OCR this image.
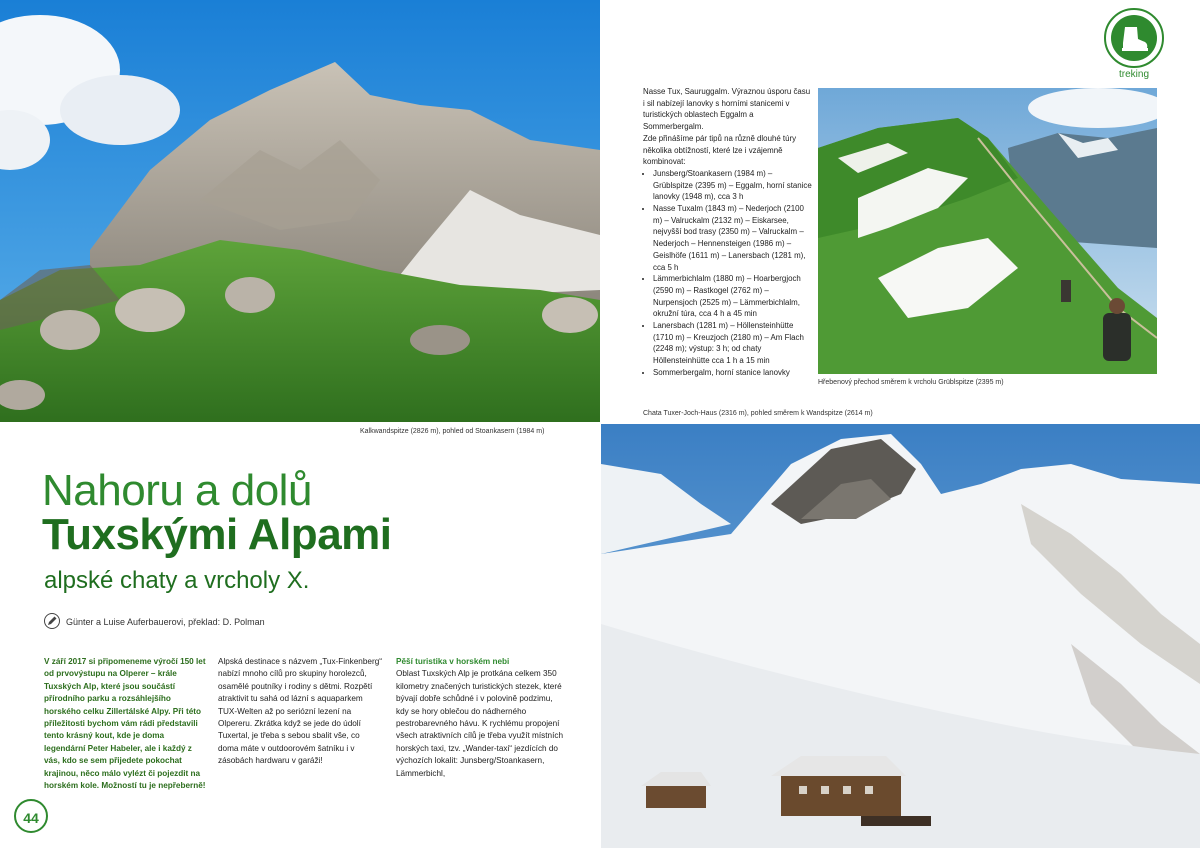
Kalkwandspitze (2826 m), pohled od Stoankasern (1984 m)
Nahoru a dolů
Tuxskými Alpami
alpské chaty a vrcholy X.
Günter a Luise Auferbauerovi, překlad: D. Polman

V září 2017 si připomeneme výročí 150 let od prvovýstupu na Olperer – krále Tuxských Alp, které jsou součástí přírodního parku a rozsáhlejšího horského celku Zillertálské Alpy. Při této příležitosti bychom vám rádi představili tento krásný kout, kde je doma legendární Peter Habeler, ale i každý z vás, kdo se sem přijedete pokochat krajinou, něco málo vylézt či pojezdit na horském kole. Možností tu je nepřeberně!

Alpská destinace s názvem „Tux-Finkenberg“ nabízí mnoho cílů pro skupiny horolezců, osamělé poutníky i rodiny s dětmi. Rozpětí atraktivit tu sahá od lázní s aquaparkem TUX-Welten až po seriózní lezení na Olpereru. Zkrátka když se jede do údolí Tuxertal, je třeba s sebou sbalit vše, co doma máte v outdoorovém šatníku i v zásobách hardwaru v garáži!

Pěší turistika v horském nebi

Oblast Tuxských Alp je protkána celkem 350 kilometry značených turistických stezek, které bývají dobře schůdné i v polovině podzimu, kdy se hory oblečou do nádherného pestrobarevného hávu. K rychlému propojení všech atraktivních cílů je třeba využít místních horských taxi, tzv. „Wander-taxi“ jezdících do výchozích lokalit: Junsberg/Stoankasern, Lämmerbichl,

44
treking

Nasse Tux, Sauruggalm. Výraznou úsporu času i sil nabízejí lanovky s horními stanicemi v turistických oblastech Eggalm a Sommerbergalm.

Zde přinášíme pár tipů na různě dlouhé túry několika obtížností, které lze i vzájemně kombinovat:

• Junsberg/Stoankasern (1984 m) – Grüblspitze (2395 m) – Eggalm, horní stanice lanovky (1948 m), cca 3 h
• Nasse Tuxalm (1843 m) – Nederjoch (2100 m) – Valruckalm (2132 m) – Eiskarsee, nejvyšší bod trasy (2350 m) – Valruckalm – Nederjoch – Hennensteigen (1986 m) – Geislhöfe (1611 m) – Lanersbach (1281 m), cca 5 h
• Lämmerbichlalm (1880 m) – Hoarbergjoch (2590 m) – Rastkogel (2762 m) – Nurpensjoch (2525 m) – Lämmerbichlalm, okružní túra, cca 4 h a 45 min
• Lanersbach (1281 m) – Höllensteinhütte (1710 m) – Kreuzjoch (2180 m) – Am Flach (2248 m); výstup: 3 h; od chaty Höllensteinhütte cca 1 h a 15 min
• Sommerbergalm, horní stanice lanovky
Hřebenový přechod směrem k vrcholu Grüblspitze (2395 m)
Chata Tuxer-Joch-Haus (2316 m), pohled směrem k Wandspitze (2614 m)
